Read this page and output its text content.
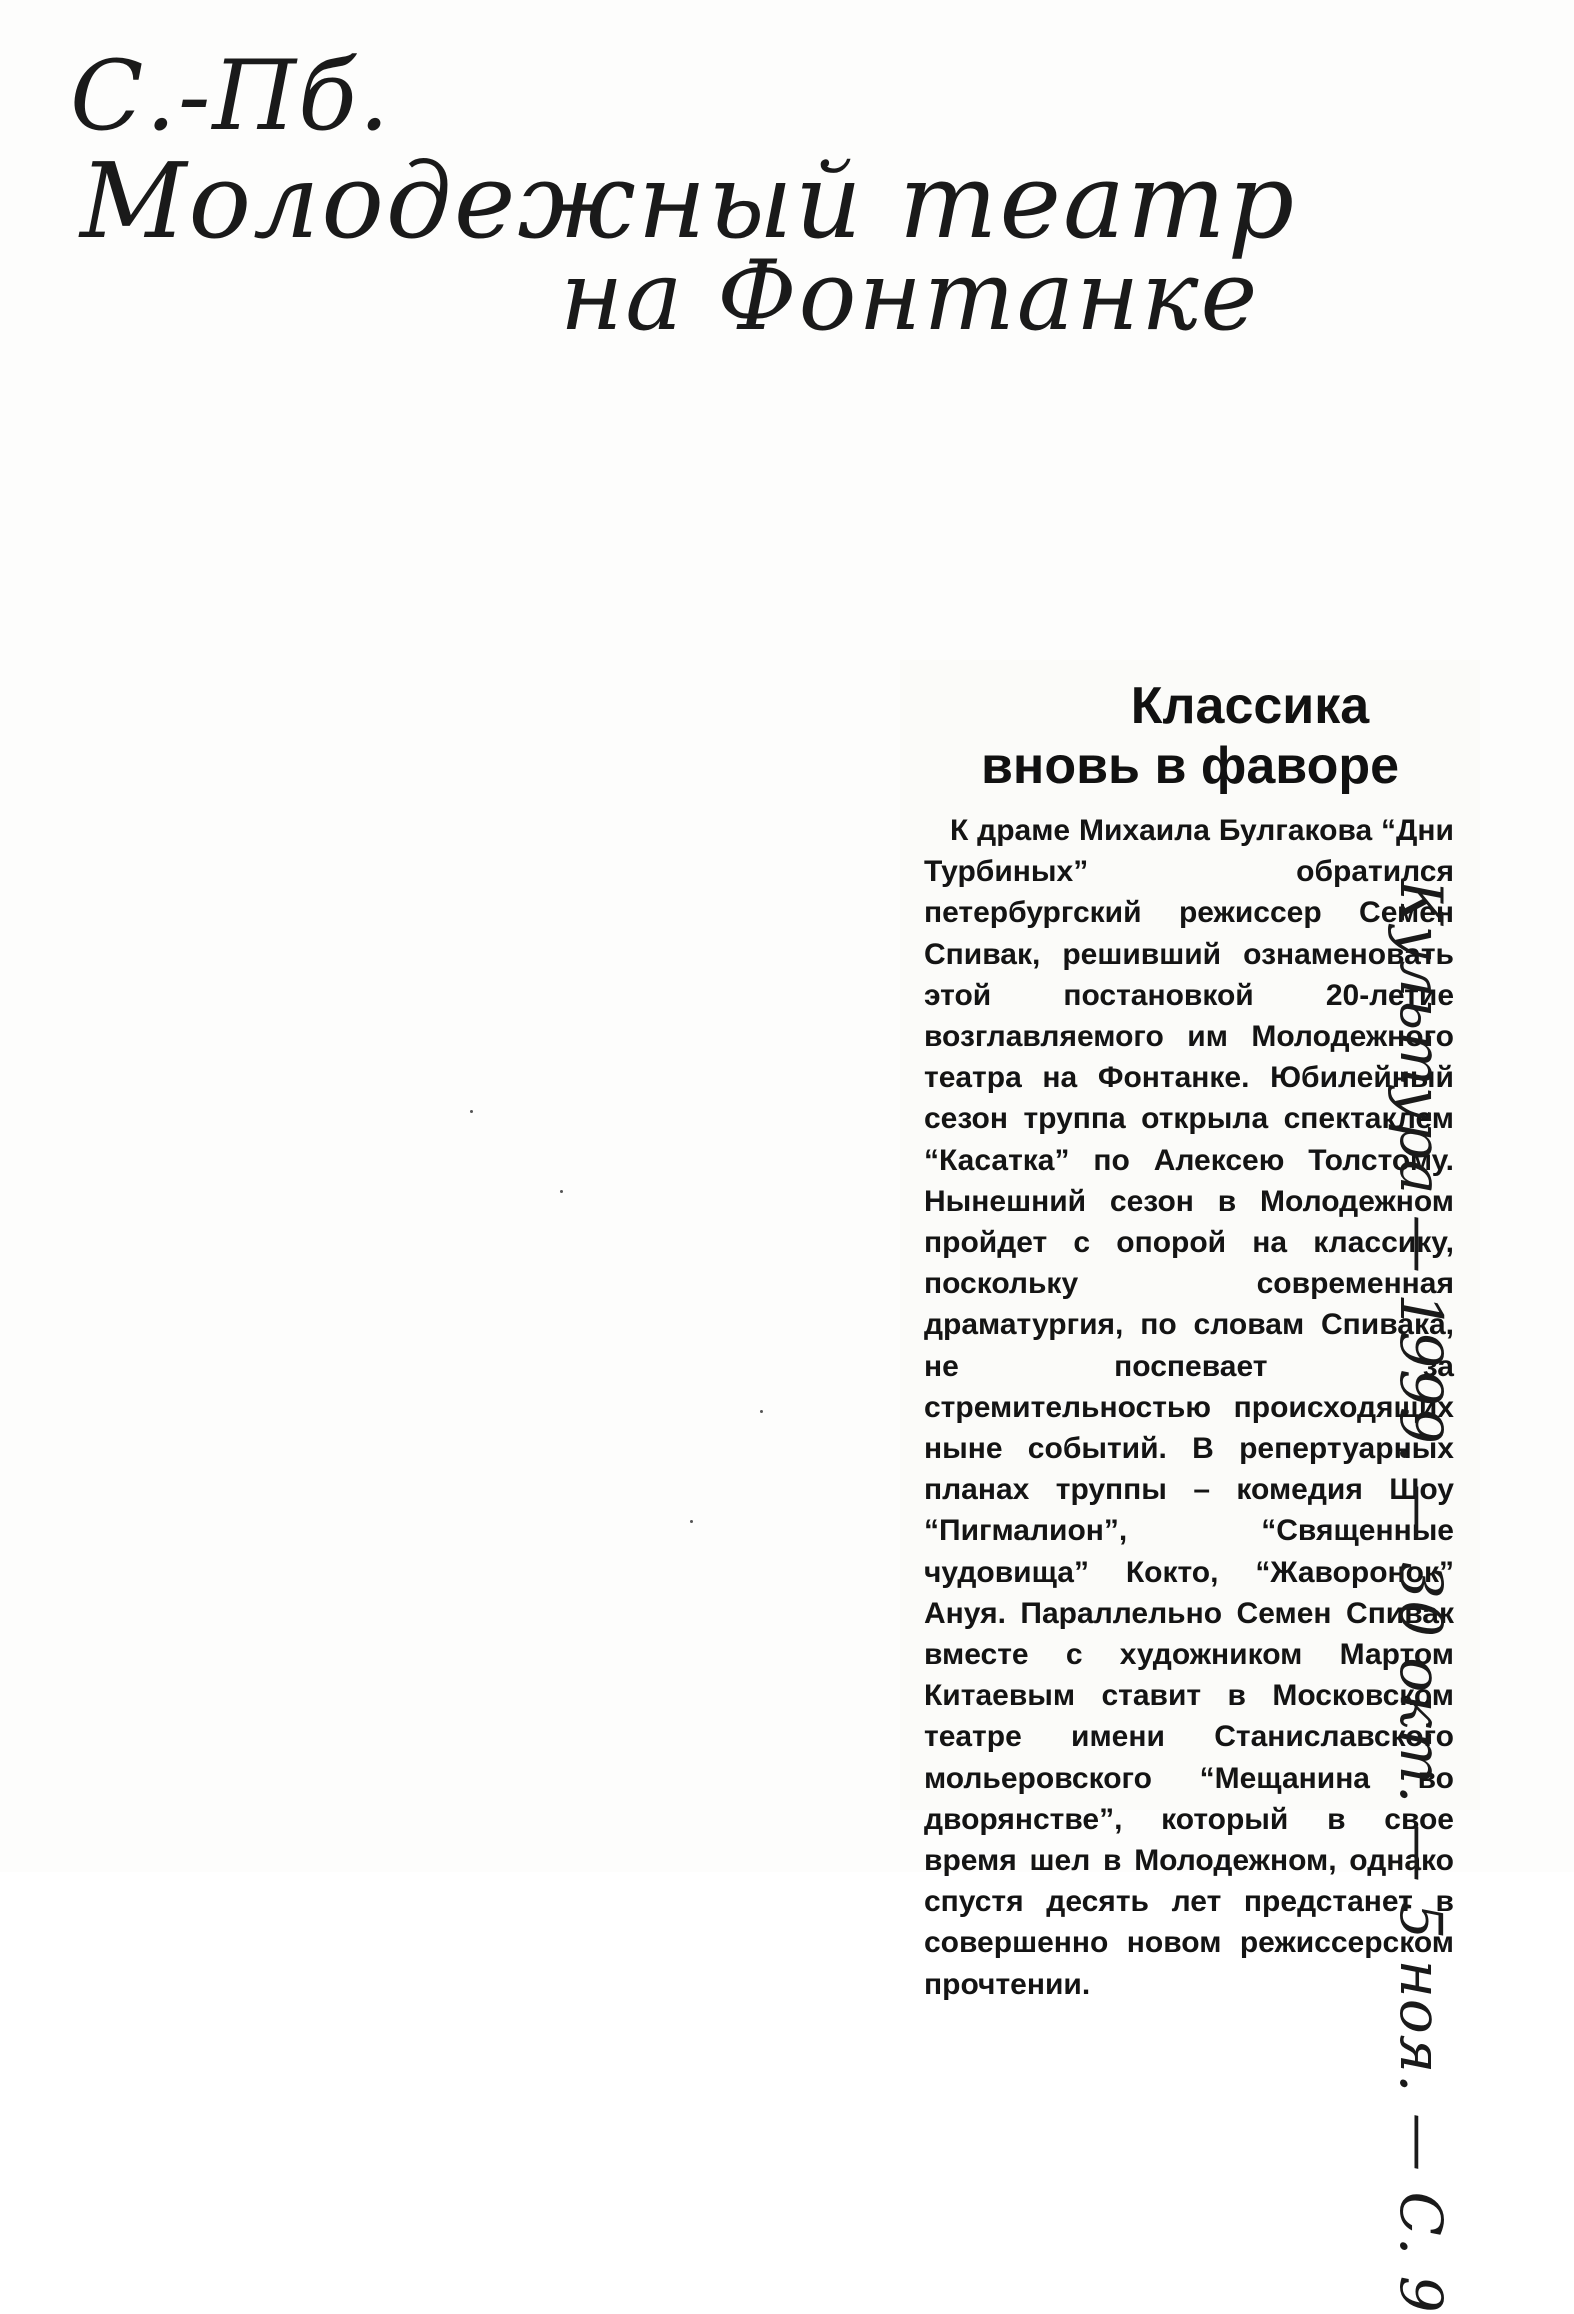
С.-Пб.
Молодежный театр
на Фонтанке
Классика
вновь в фаворе

К драме Михаила Булгакова “Дни Турбиных” обратился петербургский режиссер Семен Спивак, решивший ознаменовать этой постановкой 20-летие возглавляемого им Молодежного театра на Фонтанке. Юбилейный сезон труппа открыла спектаклем “Касатка” по Алексею Толстому. Нынешний сезон в Молодежном пройдет с опорой на классику, поскольку современная драматургия, по словам Спивака, не поспевает за стремительностью происходящих ныне событий. В репертуарных планах труппы – комедия Шоу “Пигмалион”, “Священные чудовища” Кокто, “Жаворонок” Ануя. Параллельно Семен Спивак вместе с художником Мартом Китаевым ставит в Московском театре имени Станиславского мольеровского “Мещанина во дворянстве”, который в свое время шел в Молодежном, однако спустя десять лет предстанет в совершенно новом режиссерском прочтении.	Культура — 1999. — 30 окт. — 5 ноя. — С. 9
